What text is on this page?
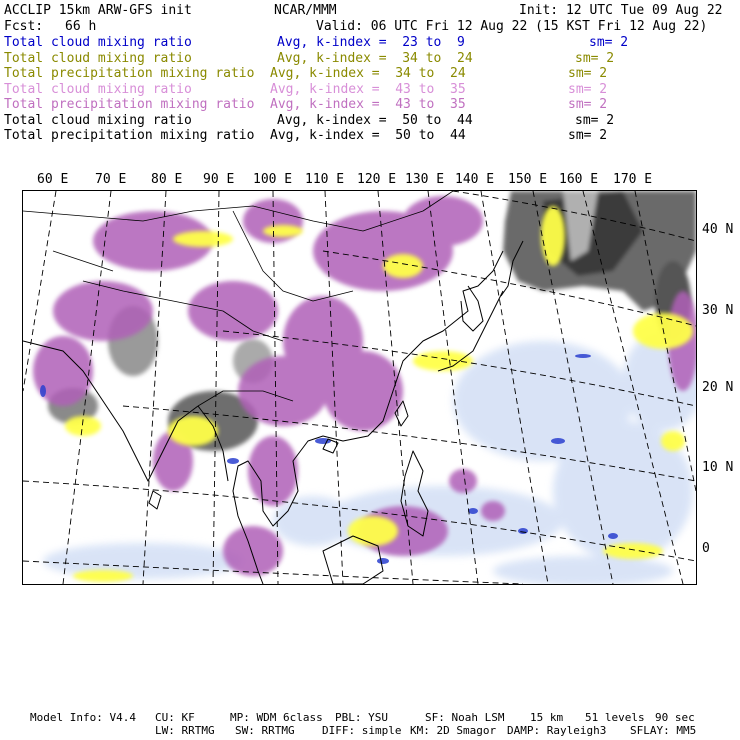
ACCLIP 15km ARW-GFS init	NCAR/MMM	Init: 12 UTC Tue 09 Aug 22
Fcst: 66 h	Valid: 06 UTC Fri 12 Aug 22 (15 KST Fri 12 Aug 22)
Total cloud mixing ratio	Avg, k-index =  23 to  9	sm= 2
Total cloud mixing ratio	Avg, k-index =  34 to  24	sm= 2
Total precipitation mixing ratio Avg, k-index =  34 to  24	sm= 2
Total cloud mixing ratio	Avg, k-index =  43 to  35	sm= 2
Total precipitation mixing ratio Avg, k-index =  43 to  35	sm= 2
Total cloud mixing ratio	Avg, k-index =  50 to  44	sm= 2
Total precipitation mixing ratio Avg, k-index =  50 to  44	sm= 2
60 E 70 E 80 E 90 E 100 E 110 E 120 E 130 E 140 E 150 E 160 E 170 E
40 N
30 N
20 N
10 N
0
Model Info: V4.4 CU: KF	MP: WDM 6class PBL: YSU	SF: Noah LSM 15 km 51 levels 90 sec
LW: RRTMG SW: RRTMG DIFF: simple KM: 2D Smagor DAMP: Rayleigh3 SFLAY: MM5
